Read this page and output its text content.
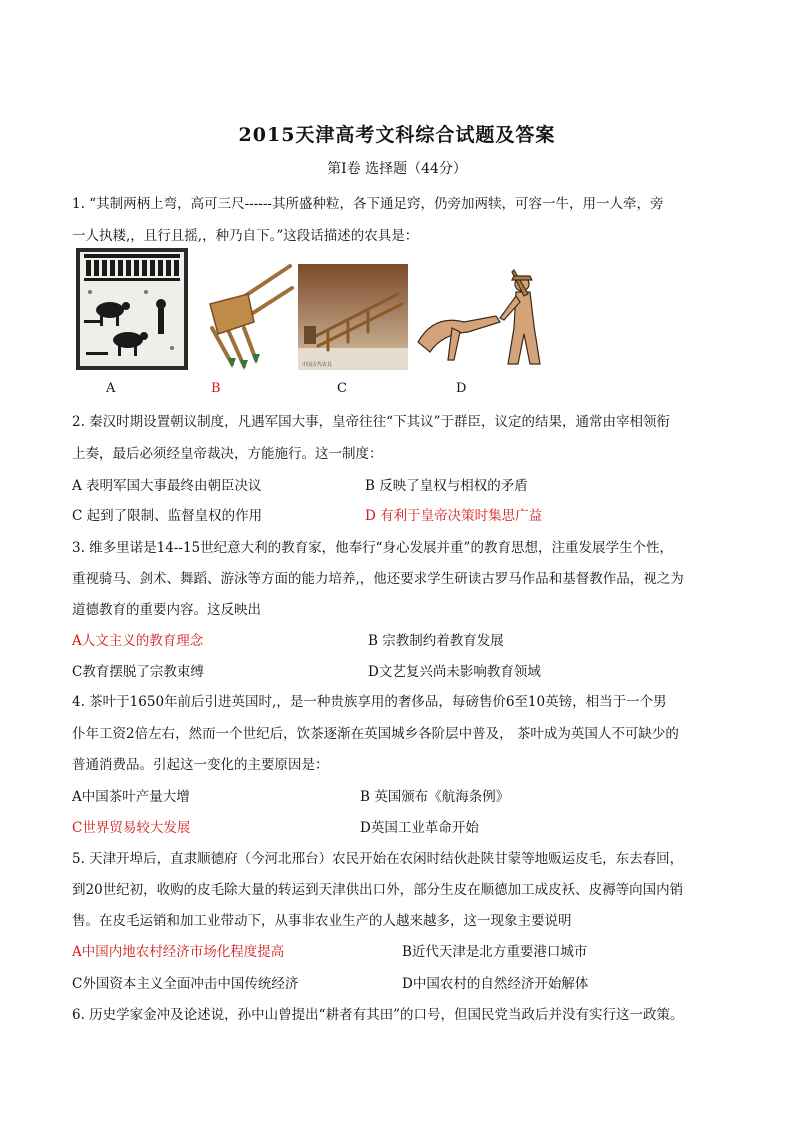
2015天津高考文科综合试题及答案
第Ⅰ卷 选择题（44分）
1. “其制两柄上弯，高可三尺------其所盛种粒，各下通足窍，仍旁加两犊，可容一牛，用一人牵，旁
一人执耧,，且行且摇,，种乃自下。”这段话描述的农具是：
中国古代农具
A	B	C	D
2. 秦汉时期设置朝议制度，凡遇军国大事，皇帝往往“下其议”于群臣，议定的结果，通常由宰相领衔
上奏，最后必须经皇帝裁决，方能施行。这一制度：
A 表明军国大事最终由朝臣决议	B 反映了皇权与相权的矛盾
C 起到了限制、监督皇权的作用	D 有利于皇帝决策时集思广益
3. 维多里诺是14--15世纪意大利的教育家，他奉行“身心发展并重”的教育思想，注重发展学生个性，
重视骑马、剑术、舞蹈、游泳等方面的能力培养,，他还要求学生研读古罗马作品和基督教作品，视之为
道德教育的重要内容。这反映出
A人文主义的教育理念	B 宗教制约着教育发展
C教育摆脱了宗教束缚	D文艺复兴尚未影响教育领域
4. 茶叶于1650年前后引进英国时,，是一种贵族享用的奢侈品，每磅售价6至10英镑，相当于一个男
仆年工资2倍左右，然而一个世纪后，饮茶逐渐在英国城乡各阶层中普及， 茶叶成为英国人不可缺少的
普通消费品。引起这一变化的主要原因是：
A中国茶叶产量大增	B 英国颁布《航海条例》
C世界贸易较大发展	D英国工业革命开始
5. 天津开埠后，直隶顺德府（今河北邢台）农民开始在农闲时结伙赴陕甘蒙等地贩运皮毛，东去春回，
到20世纪初，收购的皮毛除大量的转运到天津供出口外，部分生皮在顺德加工成皮袄、皮褥等向国内销
售。在皮毛运销和加工业带动下，从事非农业生产的人越来越多，这一现象主要说明
A中国内地农村经济市场化程度提高	B近代天津是北方重要港口城市
C外国资本主义全面冲击中国传统经济	D中国农村的自然经济开始解体
6. 历史学家金冲及论述说，孙中山曾提出“耕者有其田”的口号，但国民党当政后并没有实行这一政策。
